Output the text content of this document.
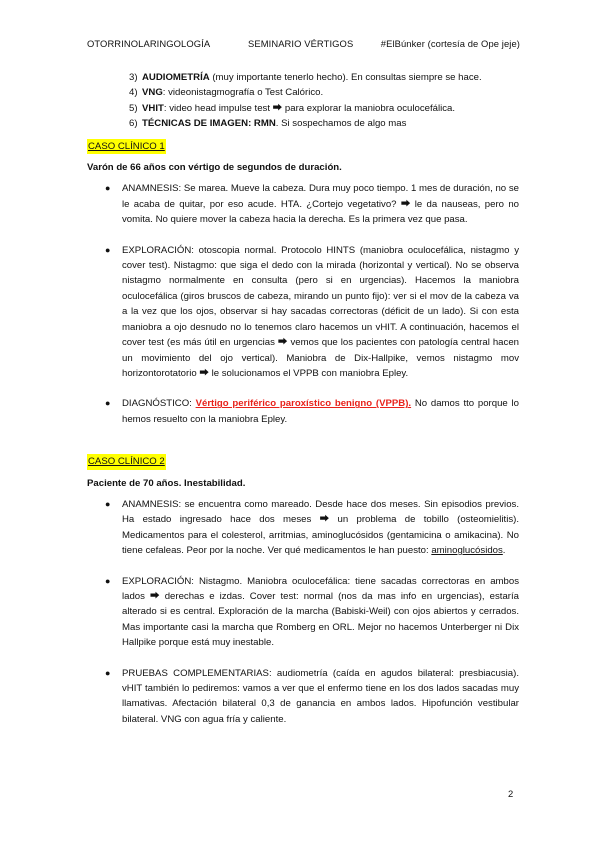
OTORRINOLARINGOLOGÍA	SEMINARIO VÉRTIGOS	#ElBúnker (cortesía de Ope jeje)
3) AUDIOMETRÍA (muy importante tenerlo hecho). En consultas siempre se hace.
4) VNG: videonistagmografía o Test Calórico.
5) VHIT: video head impulse test ⮕ para explorar la maniobra oculocefálica.
6) TÉCNICAS DE IMAGEN: RMN. Si sospechamos de algo mas
CASO CLÍNICO 1
Varón de 66 años con vértigo de segundos de duración.
● ANAMNESIS: Se marea. Mueve la cabeza. Dura muy poco tiempo. 1 mes de duración, no se le acaba de quitar, por eso acude. HTA. ¿Cortejo vegetativo? ⮕ le da nauseas, pero no vomita. No quiere mover la cabeza hacia la derecha. Es la primera vez que pasa.
● EXPLORACIÓN: otoscopia normal. Protocolo HINTS (maniobra oculocefálica, nistagmo y cover test). Nistagmo: que siga el dedo con la mirada (horizontal y vertical). No se observa nistagmo normalmente en consulta (pero si en urgencias). Hacemos la maniobra oculocefálica (giros bruscos de cabeza, mirando un punto fijo): ver si el mov de la cabeza va a la vez que los ojos, observar si hay sacadas correctoras (déficit de un lado). Si con esta maniobra a ojo desnudo no lo tenemos claro hacemos un vHIT. A continuación, hacemos el cover test (es más útil en urgencias ⮕ vemos que los pacientes con patología central hacen un movimiento del ojo vertical). Maniobra de Dix-Hallpike, vemos nistagmo mov horizontorotatorio ⮕ le solucionamos el VPPB con maniobra Epley.
● DIAGNÓSTICO: Vértigo periférico paroxístico benigno (VPPB). No damos tto porque lo hemos resuelto con la maniobra Epley.
CASO CLÍNICO 2
Paciente de 70 años. Inestabilidad.
● ANAMNESIS: se encuentra como mareado. Desde hace dos meses. Sin episodios previos. Ha estado ingresado hace dos meses ⮕ un problema de tobillo (osteomielitis). Medicamentos para el colesterol, arritmias, aminoglucósidos (gentamicina o amikacina). No tiene cefaleas. Peor por la noche. Ver qué medicamentos le han puesto: aminoglucósidos.
● EXPLORACIÓN: Nistagmo. Maniobra oculocefálica: tiene sacadas correctoras en ambos lados ⮕ derechas e izdas. Cover test: normal (nos da mas info en urgencias), estaría alterado si es central. Exploración de la marcha (Babiski-Weil) con ojos abiertos y cerrados. Mas importante casi la marcha que Romberg en ORL. Mejor no hacemos Unterberger ni Dix Hallpike porque está muy inestable.
● PRUEBAS COMPLEMENTARIAS: audiometría (caída en agudos bilateral: presbiacusia). vHIT también lo pediremos: vamos a ver que el enfermo tiene en los dos lados sacadas muy llamativas. Afectación bilateral 0,3 de ganancia en ambos lados. Hipofunción vestibular bilateral. VNG con agua fría y caliente.
2
